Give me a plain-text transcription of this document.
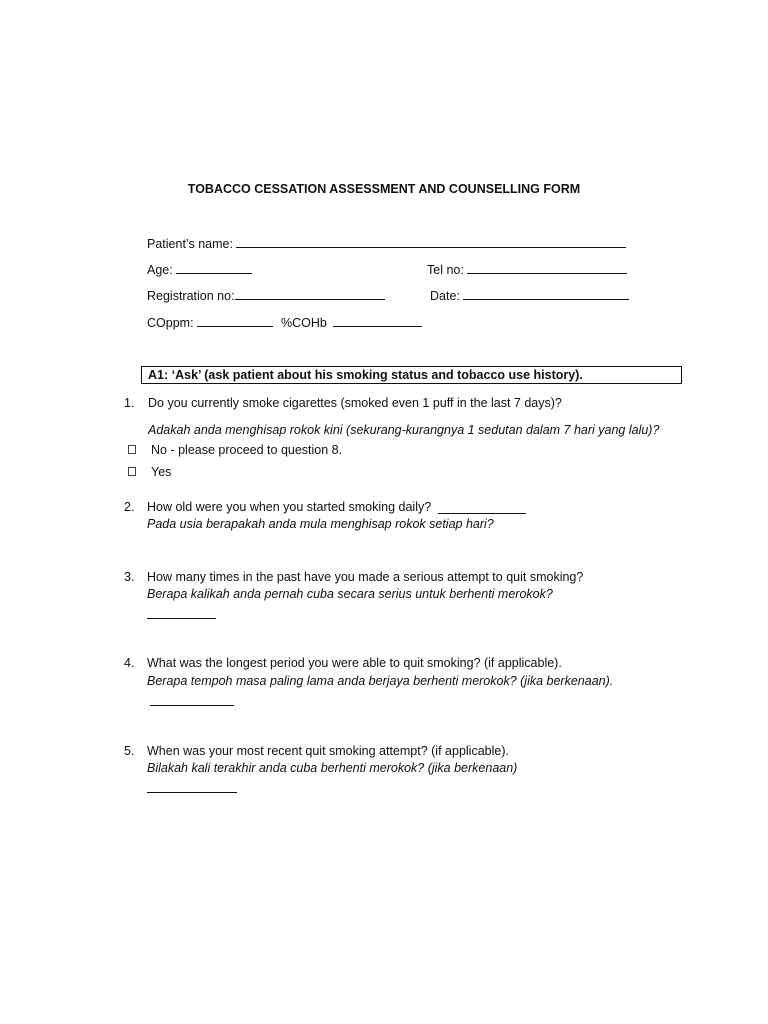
TOBACCO CESSATION ASSESSMENT AND COUNSELLING FORM
Patient’s name:
Age:	Tel no:
Registration no:	Date:
COppm:	%COHb
A1: ‘Ask’ (ask patient about his smoking status and tobacco use history).
1. Do you currently smoke cigarettes (smoked even 1 puff in the last 7 days)?
Adakah anda menghisap rokok kini (sekurang-kurangnya 1 sedutan dalam 7 hari yang lalu)?
No - please proceed to question 8.
Yes
2. How old were you when you started smoking daily?
Pada usia berapakah anda mula menghisap rokok setiap hari?
3. How many times in the past have you made a serious attempt to quit smoking?
Berapa kalikah anda pernah cuba secara serius untuk berhenti merokok?
4. What was the longest period you were able to quit smoking? (if applicable).
Berapa tempoh masa paling lama anda berjaya berhenti merokok? (jika berkenaan).
5. When was your most recent quit smoking attempt? (if applicable).
Bilakah kali terakhir anda cuba berhenti merokok? (jika berkenaan)
